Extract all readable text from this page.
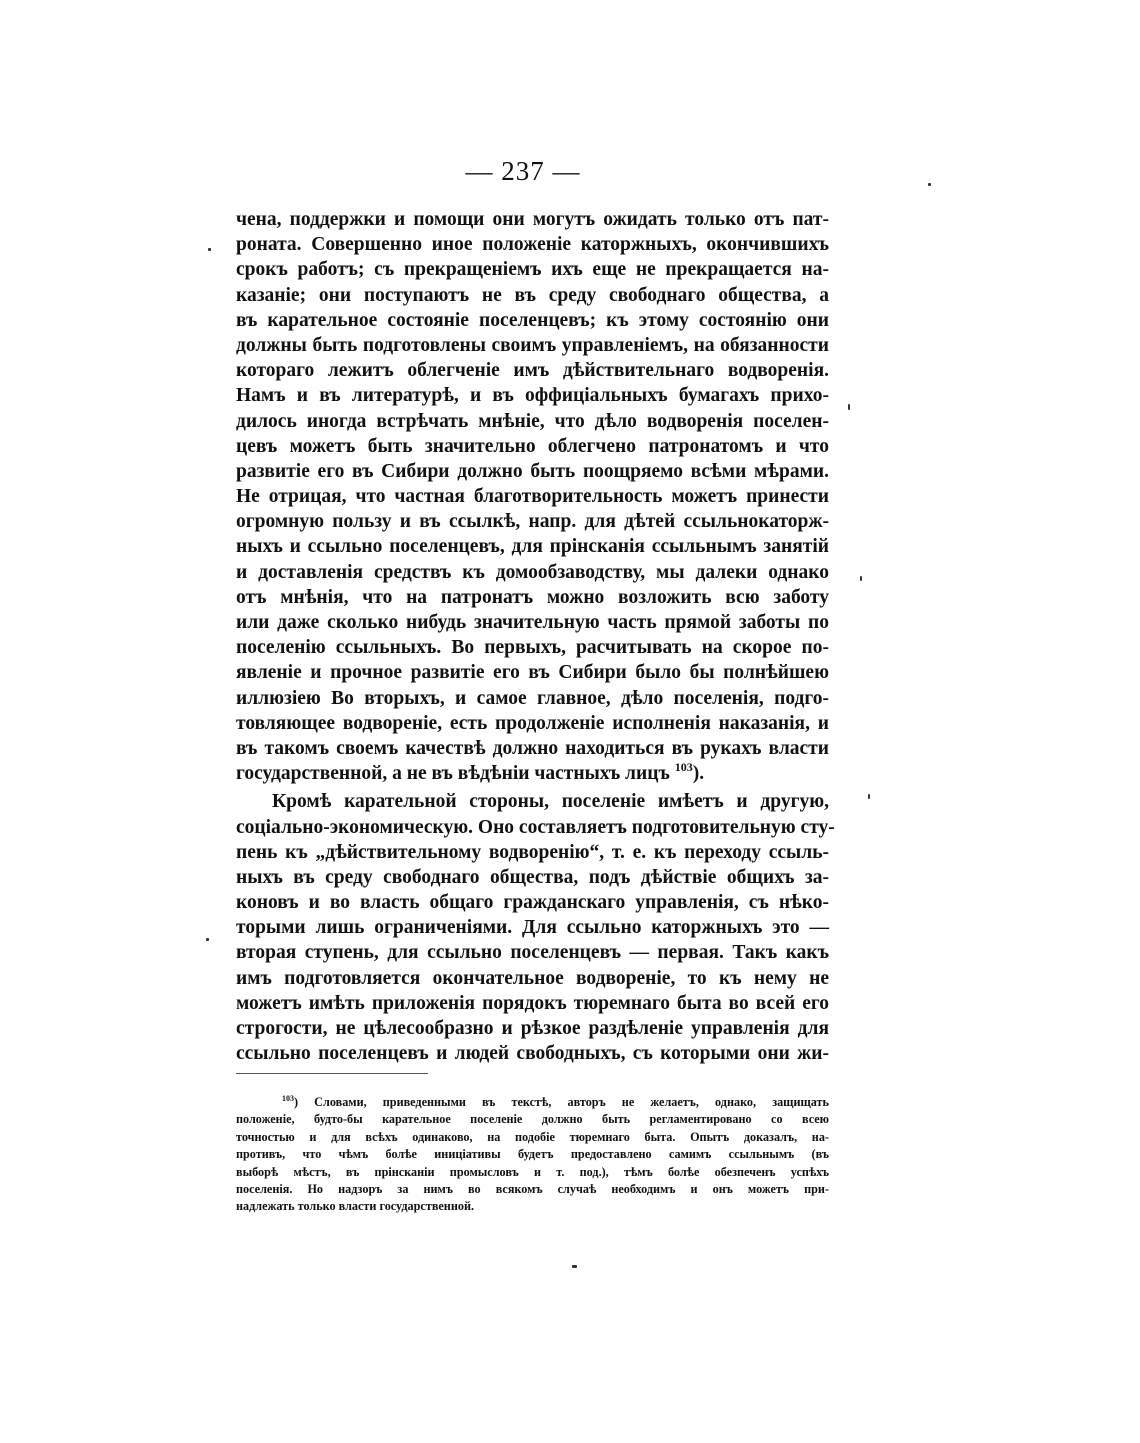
— 237 —
чена, поддержки и помощи они могутъ ожидать только отъ пат-
роната. Совершенно иное положеніе каторжныхъ, окончившихъ
срокъ работъ; съ прекращеніемъ ихъ еще не прекращается на-
казаніе; они поступаютъ не въ среду свободнаго общества, а
въ карательное состояніе поселенцевъ; къ этому состоянію они
должны быть подготовлены своимъ управленіемъ, на обязанности
котораго лежитъ облегченіе имъ дѣйствительнаго водворенія.
Намъ и въ литературѣ, и въ оффиціальныхъ бумагахъ прихо-
дилось иногда встрѣчать мнѣніе, что дѣло водворенія поселен-
цевъ можетъ быть значительно облегчено патронатомъ и что
развитіе его въ Сибири должно быть поощряемо всѣми мѣрами.
Не отрицая, что частная благотворительность можетъ принести
огромную пользу и въ ссылкѣ, напр. для дѣтей ссыльнокаторж-
ныхъ и ссыльно поселенцевъ, для прінсканія ссыльнымъ занятій
и доставленія средствъ къ домообзаводству, мы далеки однако
отъ мнѣнія, что на патронатъ можно возложить всю заботу
или даже сколько нибудь значительную часть прямой заботы по
поселенію ссыльныхъ. Во первыхъ, расчитывать на скорое по-
явленіе и прочное развитіе его въ Сибири было бы полнѣйшею
иллюзіею Во вторыхъ, и самое главное, дѣло поселенія, подго-
товляющее водвореніе, есть продолженіе исполненія наказанія, и
въ такомъ своемъ качествѣ должно находиться въ рукахъ власти
государственной, а не въ вѣдѣніи частныхъ лицъ $^{103}$).
Кромѣ карательной стороны, поселеніе имѣетъ и другую,
соціально-экономическую. Оно составляетъ подготовительную сту-
пень къ „дѣйствительному водворенію“, т. е. къ переходу ссыль-
ныхъ въ среду свободнаго общества, подъ дѣйствіе общихъ за-
коновъ и во власть общаго гражданскаго управленія, съ нѣко-
торыми лишь ограниченіями. Для ссыльно каторжныхъ это —
вторая ступень, для ссыльно поселенцевъ — первая. Такъ какъ
имъ подготовляется окончательное водвореніе, то къ нему не
можетъ имѣть приложенія порядокъ тюремнаго быта во всей его
строгости, не цѣлесообразно и рѣзкое раздѣленіе управленія для
ссыльно поселенцевъ и людей свободныхъ, съ которыми они жи-
$^{103}$) Словами, приведенными въ текстѣ, авторъ не желаетъ, однако, защищать
положеніе, будто-бы карательное поселеніе должно быть регламентировано со всею
точностью и для всѣхъ одинаково, на подобіе тюремнаго быта. Опытъ доказалъ, на-
противъ, что чѣмъ болѣе иниціативы будетъ предоставлено самимъ ссыльнымъ (въ
выборѣ мѣстъ, въ прінсканіи промысловъ и т. под.), тѣмъ болѣе обезпеченъ успѣхъ
поселенія. Но надзоръ за нимъ во всякомъ случаѣ необходимъ и онъ можетъ при-
надлежать только власти государственной.
